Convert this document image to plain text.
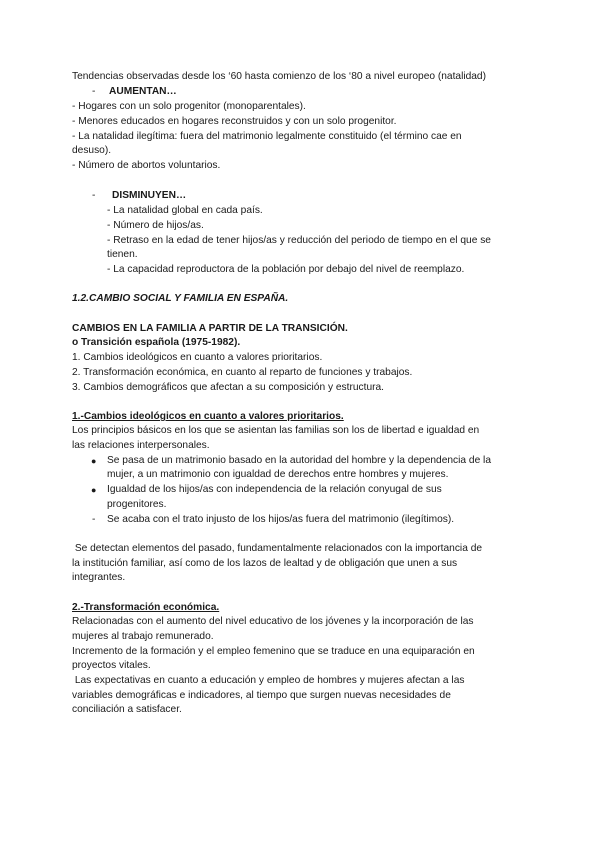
Tendencias observadas desde los ‘60 hasta comienzo de los ‘80 a nivel europeo (natalidad)
- AUMENTAN…
- Hogares con un solo progenitor (monoparentales).
- Menores educados en hogares reconstruidos y con un solo progenitor.
- La natalidad ilegítima: fuera del matrimonio legalmente constituido (el término cae en
desuso).
- Número de abortos voluntarios.
- DISMINUYEN…
- La natalidad global en cada país.
- Número de hijos/as.
- Retraso en la edad de tener hijos/as y reducción del periodo de tiempo en el que se
tienen.
- La capacidad reproductora de la población por debajo del nivel de reemplazo.
1.2.CAMBIO SOCIAL Y FAMILIA EN ESPAÑA.
CAMBIOS EN LA FAMILIA A PARTIR DE LA TRANSICIÓN.
o Transición española (1975-1982).
1. Cambios ideológicos en cuanto a valores prioritarios.
2. Transformación económica, en cuanto al reparto de funciones y trabajos.
3. Cambios demográficos que afectan a su composición y estructura.
1.-Cambios ideológicos en cuanto a valores prioritarios.
Los principios básicos en los que se asientan las familias son los de libertad e igualdad en
las relaciones interpersonales.
● Se pasa de un matrimonio basado en la autoridad del hombre y la dependencia de la
mujer, a un matrimonio con igualdad de derechos entre hombres y mujeres.
● Igualdad de los hijos/as con independencia de la relación conyugal de sus
progenitores.
- Se acaba con el trato injusto de los hijos/as fuera del matrimonio (ilegítimos).
Se detectan elementos del pasado, fundamentalmente relacionados con la importancia de
la institución familiar, así como de los lazos de lealtad y de obligación que unen a sus
integrantes.
2.-Transformación económica.
Relacionadas con el aumento del nivel educativo de los jóvenes y la incorporación de las
mujeres al trabajo remunerado.
Incremento de la formación y el empleo femenino que se traduce en una equiparación en
proyectos vitales.
Las expectativas en cuanto a educación y empleo de hombres y mujeres afectan a las
variables demográficas e indicadores, al tiempo que surgen nuevas necesidades de
conciliación a satisfacer.
